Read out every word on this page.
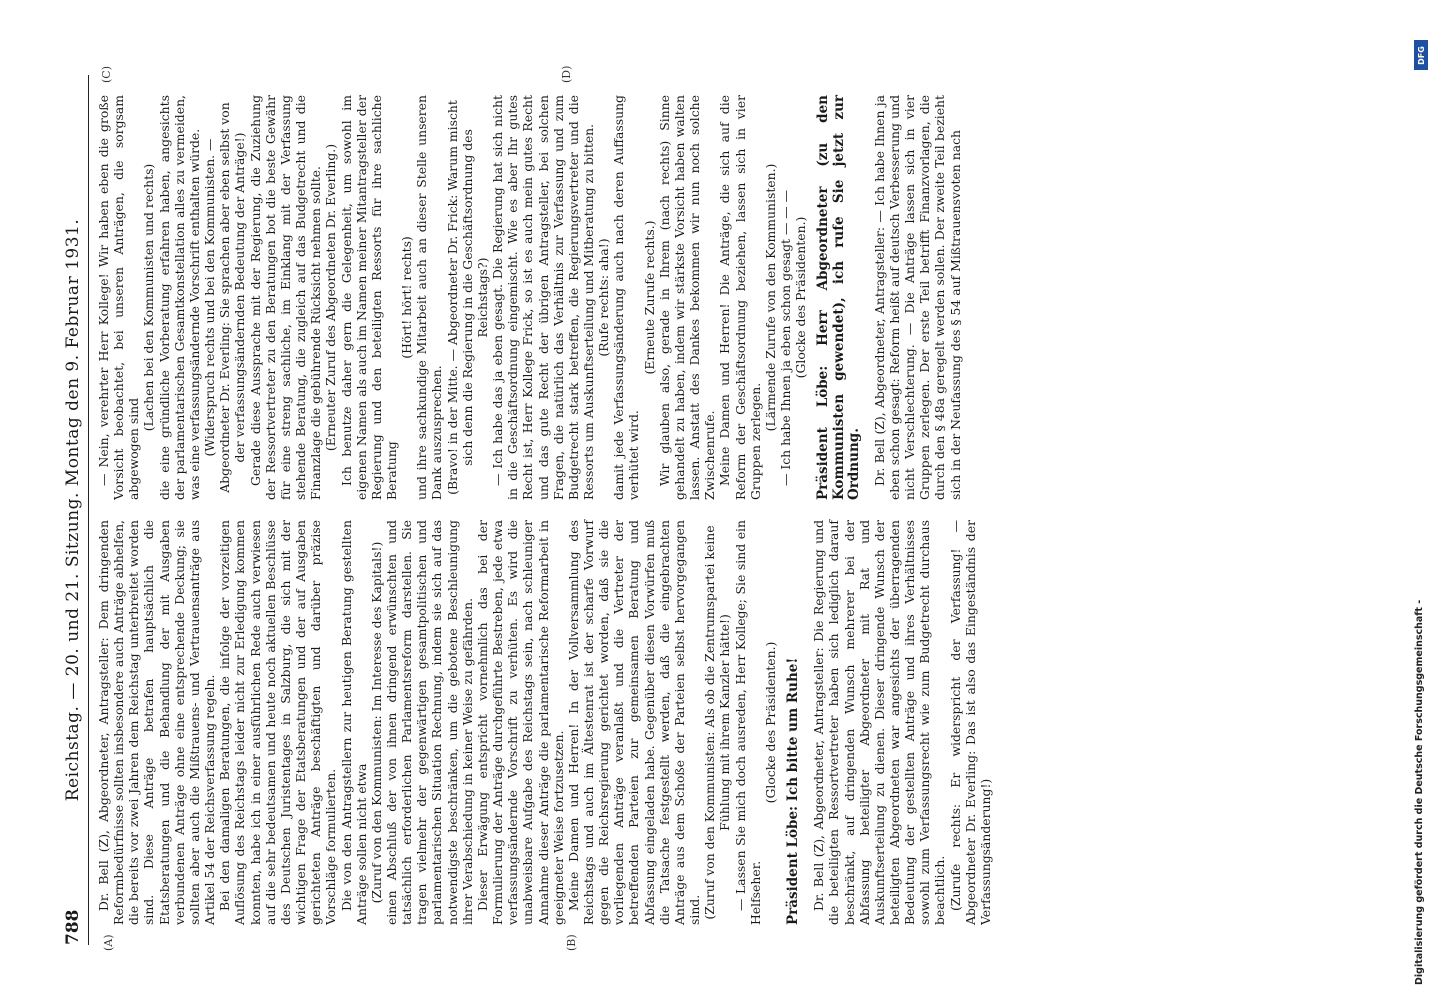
788
Reichstag. — 20. und 21. Sitzung. Montag den 9. Februar 1931.
(A)	(B)
(C)	(D)

Dr. Bell (Z), Abgeordneter, Antragsteller: Dem dringenden Reformbedürfnisse sollten insbesondere auch Anträge abhelfen, die bereits vor zwei Jahren dem Reichstag unterbreitet worden sind. Diese Anträge betrafen hauptsächlich die Etatsberatungen und die Behandlung der mit Ausgaben verbundenen Anträge ohne eine entsprechende Deckung; sie sollten aber auch die Mißtrauens- und Vertrauensanträge aus Artikel 54 der Reichsverfassung regeln. Bei den damaligen Beratungen, die infolge der vorzeitigen Auflösung des Reichstags leider nicht zur Erledigung kommen konnten, habe ich in einer ausführlichen Rede auch verwiesen auf die sehr bedeutsamen und heute noch aktuellen Beschlüsse des Deutschen Juristentages in Salzburg, die sich mit der wichtigen Frage der Etatsberatungen und der auf Ausgaben gerichteten Anträge beschäftigten und darüber präzise Vorschläge formulierten. Die von den Antragstellern zur heutigen Beratung gestellten Anträge sollen nicht etwa (Zuruf von den Kommunisten: Im Interesse des Kapitals!) einen Abschluß der von ihnen dringend erwünschten und tatsächlich erforderlichen Parlamentsreform darstellen. Sie tragen vielmehr der gegenwärtigen gesamtpolitischen und parlamentarischen Situation Rechnung, indem sie sich auf das notwendigste beschränken, um die gebotene Beschleunigung ihrer Verabschiedung in keiner Weise zu gefährden. Dieser Erwägung entspricht vornehmlich das bei der Formulierung der Anträge durchgeführte Bestreben, jede etwa verfassungsändernde Vorschrift zu verhüten. Es wird die unabweisbare Aufgabe des Reichstags sein, nach schleuniger Annahme dieser Anträge die parlamentarische Reformarbeit in geeigneter Weise fortzusetzen. Meine Damen und Herren! In der Vollversammlung des Reichstags und auch im Ältestenrat ist der scharfe Vorwurf gegen die Reichsregierung gerichtet worden, daß sie die vorliegenden Anträge veranlaßt und die Vertreter der betreffenden Parteien zur gemeinsamen Beratung und Abfassung eingeladen habe. Gegenüber diesen Vorwürfen muß die Tatsache festgestellt werden, daß die eingebrachten Anträge aus dem Schoße der Parteien selbst hervorgegangen sind. (Zuruf von den Kommunisten: Als ob die Zentrumspartei keine Fühlung mit ihrem Kanzler hätte!) — Lassen Sie mich doch ausreden, Herr Kollege; Sie sind ein Helfseher.

(Glocke des Präsidenten.)

Präsident Löbe: Ich bitte um Ruhe! Dr. Bell (Z), Abgeordneter, Antragsteller: Die Regierung und die beteiligten Ressortvertreter haben sich lediglich darauf beschränkt, auf dringenden Wunsch mehrerer bei der Abfassung beteiligter Abgeordneter mit Rat und Auskunftserteilung zu dienen. Dieser dringende Wunsch der beteiligten Abgeordneten war angesichts der überragenden Bedeutung der gestellten Anträge und ihres Verhältnisses sowohl zum Verfassungsrecht wie zum Budgetrecht durchaus beachtlich. (Zurufe rechts: Er widerspricht der Verfassung! — Abgeordneter Dr. Everling: Das ist also das Eingeständnis der Verfassungsänderung!)

— Nein, verehrter Herr Kollege! Wir haben eben die große Vorsicht beobachtet, bei unseren Anträgen, die sorgsam abgewogen sind

(Lachen bei den Kommunisten und rechts) die eine gründliche Vorberatung erfahren haben, angesichts der parlamentarischen Gesamtkonstellation alles zu vermeiden, was eine verfassungsändernde Vorschrift enthalten würde. (Widerspruch rechts und bei den Kommunisten. — Abgeordneter Dr. Everling: Sie sprachen aber eben selbst von der verfassungsändernden Bedeutung der Anträge!) Gerade diese Aussprache mit der Regierung, die Zuziehung der Ressortvertreter zu den Beratungen bot die beste Gewähr für eine streng sachliche, im Einklang mit der Verfassung stehende Beratung, die zugleich auf das Budgetrecht und die Finanzlage die gebührende Rücksicht nehmen sollte. (Erneuter Zuruf des Abgeordneten Dr. Everling.) Ich benutze daher gern die Gelegenheit, um sowohl im eigenen Namen als auch im Namen meiner Mitantragsteller der Regierung und den beteiligten Ressorts für ihre sachliche Beratung

(Hört! hört! rechts) und ihre sachkundige Mitarbeit auch an dieser Stelle unseren Dank auszusprechen. (Bravo! in der Mitte. — Abgeordneter Dr. Frick: Warum mischt sich denn die Regierung in die Geschäftsordnung des Reichstags?) — Ich habe das ja eben gesagt. Die Regierung hat sich nicht in die Geschäftsordnung eingemischt. Wie es aber Ihr gutes Recht ist, Herr Kollege Frick, so ist es auch mein gutes Recht und das gute Recht der übrigen Antragsteller, bei solchen Fragen, die natürlich das Verhältnis zur Verfassung und zum Budgetrecht stark betreffen, die Regierungsvertreter und die Ressorts um Auskunftserteilung und Mitberatung zu bitten. (Rufe rechts: aha!) damit jede Verfassungsänderung auch nach deren Auffassung verhütet wird.

(Erneute Zurufe rechts.) Wir glauben also, gerade in Ihrem (nach rechts) Sinne gehandelt zu haben, indem wir stärkste Vorsicht haben walten lassen. Anstatt des Dankes bekommen wir nun noch solche Zwischenrufe. Meine Damen und Herren! Die Anträge, die sich auf die Reform der Geschäftsordnung beziehen, lassen sich in vier Gruppen zerlegen.

(Lärmende Zurufe von den Kommunisten.) — Ich habe Ihnen ja eben schon gesagt — — — (Glocke des Präsidenten.)

Präsident Löbe: Herr Abgeordneter (zu den Kommunisten gewendet), ich rufe Sie jetzt zur Ordnung. Dr. Bell (Z), Abgeordneter, Antragsteller: — Ich habe Ihnen ja eben schon gesagt: Reform heißt auf deutsch Verbesserung und nicht Verschlechterung. — Die Anträge lassen sich in vier Gruppen zerlegen. Der erste Teil betrifft Finanzvorlagen, die durch den § 48a geregelt werden sollen. Der zweite Teil bezieht sich in der Neufassung des § 54 auf Mißtrauensvoten nach

Digitalisierung gefördert durch die Deutsche Forschungsgemeinschaft -
DFG
